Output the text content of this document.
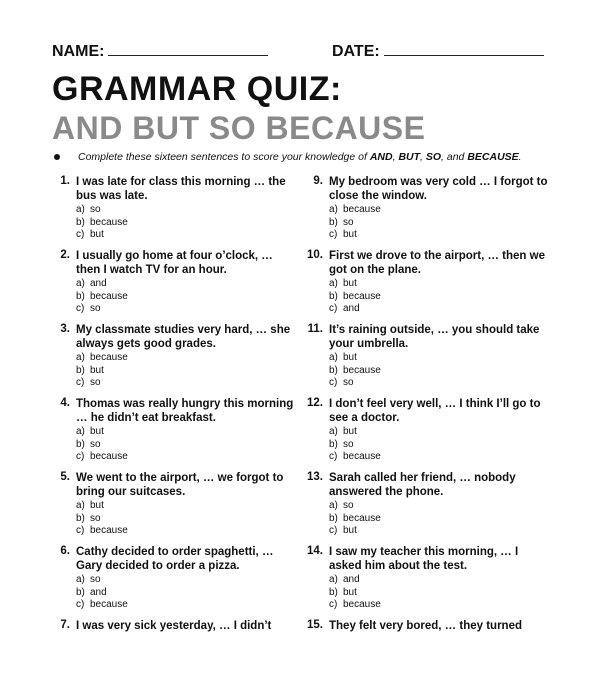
NAME:	DATE:
GRAMMAR QUIZ:
AND BUT SO BECAUSE
Complete these sixteen sentences to score your knowledge of AND, BUT, SO, and BECAUSE.
1. I was late for class this morning … the bus was late.
a) so
b) because
c) but
2. I usually go home at four o’clock, … then I watch TV for an hour.
a) and
b) because
c) so
3. My classmate studies very hard, … she always gets good grades.
a) because
b) but
c) so
4. Thomas was really hungry this morning … he didn’t eat breakfast.
a) but
b) so
c) because
5. We went to the airport, … we forgot to bring our suitcases.
a) but
b) so
c) because
6. Cathy decided to order spaghetti, … Gary decided to order a pizza.
a) so
b) and
c) because
7. I was very sick yesterday, … I didn’t
9. My bedroom was very cold … I forgot to close the window.
a) because
b) so
c) but
10. First we drove to the airport, … then we got on the plane.
a) but
b) because
c) and
11. It’s raining outside, … you should take your umbrella.
a) but
b) because
c) so
12. I don’t feel very well, … I think I’ll go to see a doctor.
a) but
b) so
c) because
13. Sarah called her friend, … nobody answered the phone.
a) so
b) because
c) but
14. I saw my teacher this morning, … I asked him about the test.
a) and
b) but
c) because
15. They felt very bored, … they turned
